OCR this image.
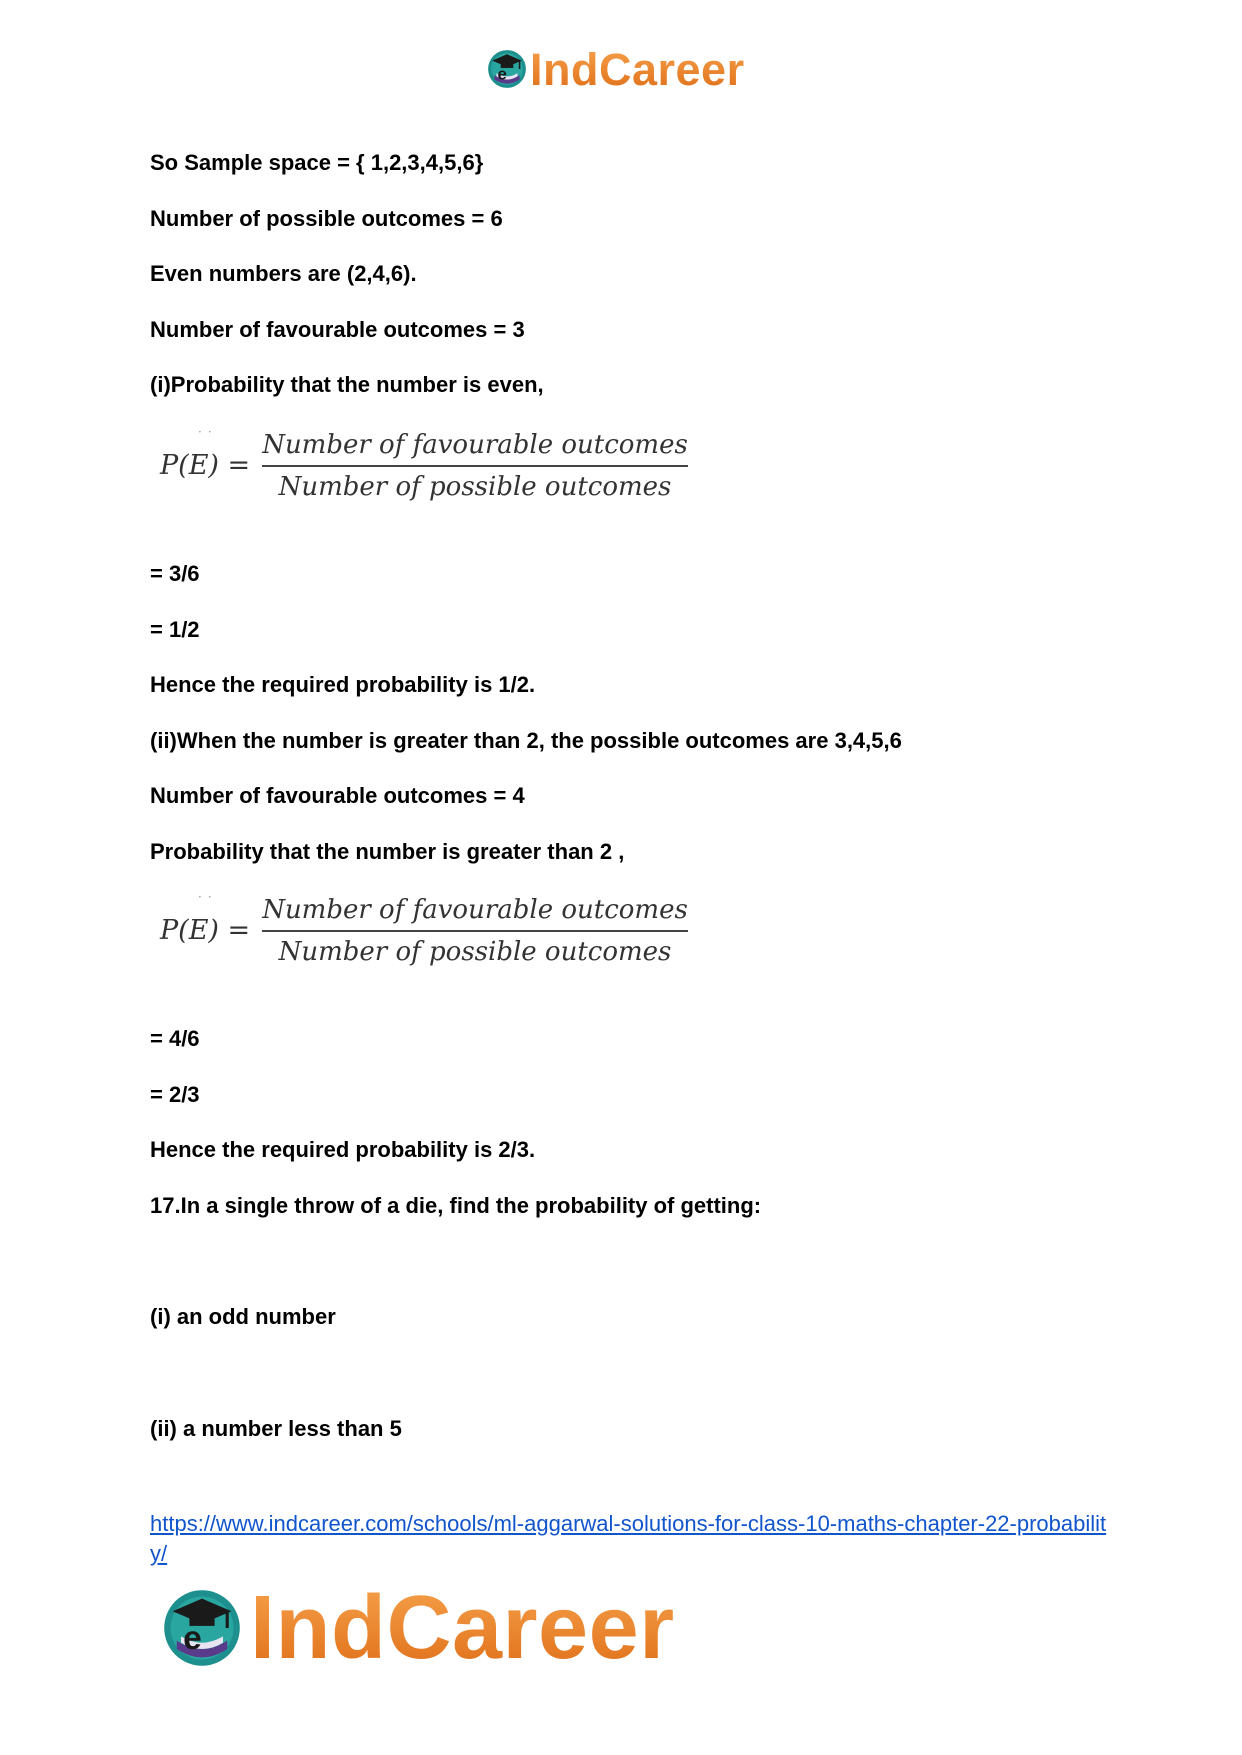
e IndCareer
So Sample space = { 1,2,3,4,5,6}
Number of possible outcomes = 6
Even numbers are (2,4,6).
Number of favourable outcomes = 3
(i)Probability that the number is even,
··
P(E) =
Number of favourable outcomes
Number of possible outcomes
= 3/6
= 1/2
Hence the required probability is 1/2.
(ii)When the number is greater than 2, the possible outcomes are 3,4,5,6
Number of favourable outcomes = 4
Probability that the number is greater than 2 ,
··
P(E) =
Number of favourable outcomes
Number of possible outcomes
= 4/6
= 2/3
Hence the required probability is 2/3.
17.In a single throw of a die, find the probability of getting:
(i) an odd number
(ii) a number less than 5
https://www.indcareer.com/schools/ml-aggarwal-solutions-for-class-10-maths-chapter-22-probability/
e IndCareer
